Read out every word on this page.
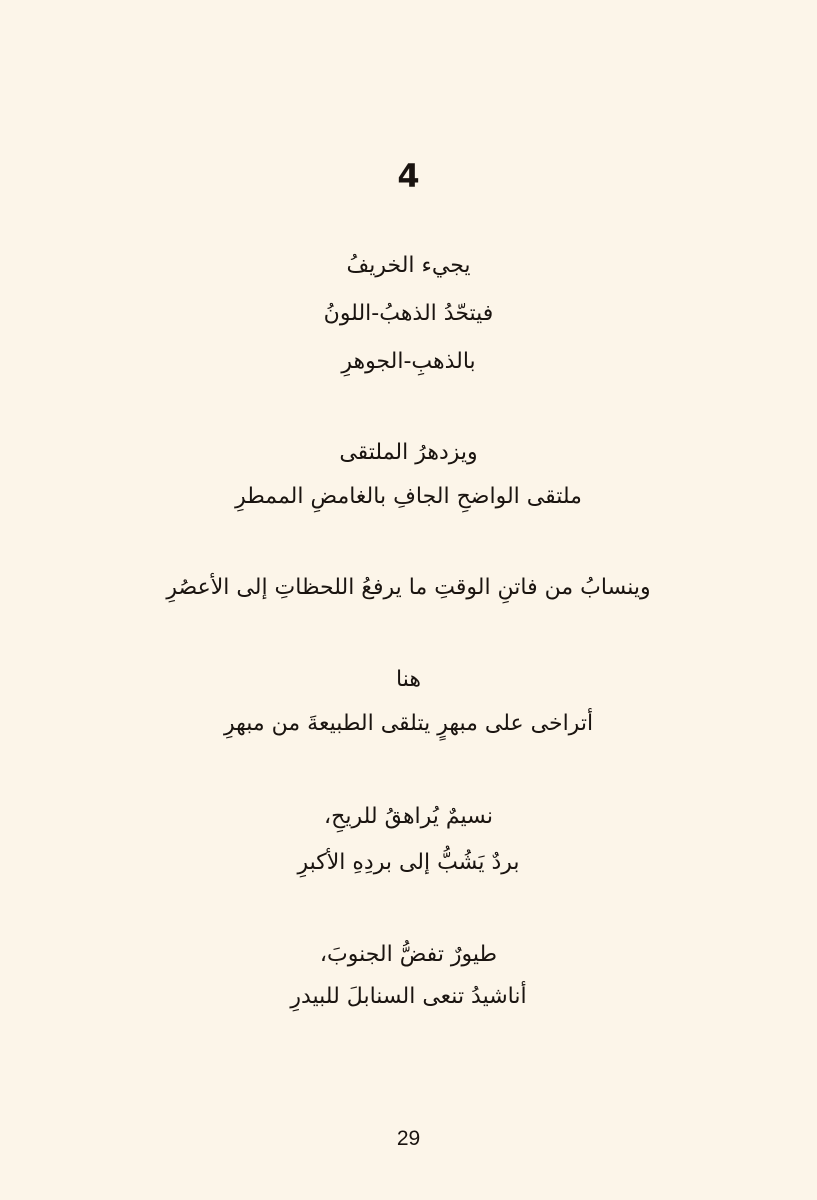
4
يجيء الخريفُ
فيتحّدُ الذهبُ-اللونُ
بالذهبِ-الجوهرِ
ويزدهرُ الملتقى
ملتقى الواضحِ الجافِ بالغامضِ الممطرِ
وينسابُ من فاتنِ الوقتِ ما يرفعُ اللحظاتِ إلى الأعصُرِ
هنا
أتراخى على مبهرٍ يتلقى الطبيعةَ من مبهرِ
نسيمٌ يُراهقُ للريحِ،
بردٌ يَشُبُّ إلى بردِهِ الأكبرِ
طيورٌ تفضُّ الجنوبَ،
أناشيدُ تنعى السنابلَ للبيدرِ
29
